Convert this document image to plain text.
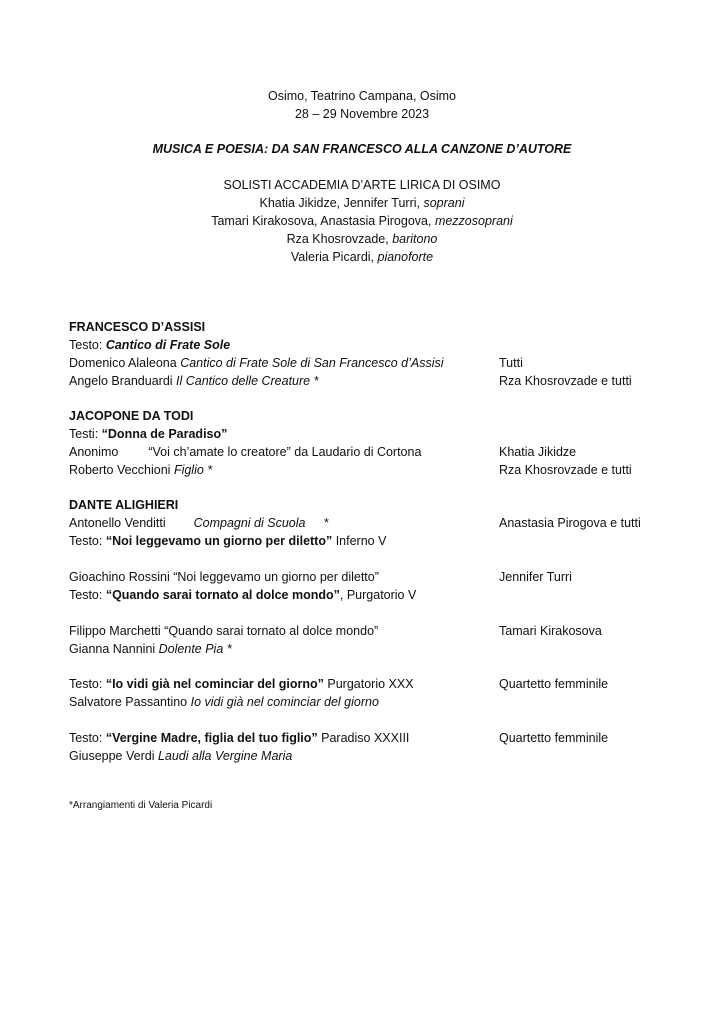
Osimo, Teatrino Campana, Osimo
28 – 29 Novembre 2023
MUSICA E POESIA: DA SAN FRANCESCO ALLA CANZONE D’AUTORE
SOLISTI ACCADEMIA D’ARTE LIRICA DI OSIMO
Khatia Jikidze, Jennifer Turri, soprani
Tamari Kirakosova, Anastasia Pirogova, mezzosoprani
Rza Khosrovzade, baritono
Valeria Picardi, pianoforte
FRANCESCO D’ASSISI
Testo: Cantico di Frate Sole
Domenico Alaleona Cantico di Frate Sole di San Francesco d’Assisi	Tutti
Angelo Branduardi Il Cantico delle Creature *	Rza Khosrovzade e tutti
JACOPONE DA TODI
Testi: “Donna de Paradiso”
Anonimo “Voi ch’amate lo creatore” da Laudario di Cortona	Khatia Jikidze
Roberto Vecchioni Figlio *	Rza Khosrovzade e tutti
DANTE ALIGHIERI
Antonello Venditti Compagni di Scuola *	Anastasia Pirogova e tutti
Testo: “Noi leggevamo un giorno per diletto” Inferno V
Gioachino Rossini “Noi leggevamo un giorno per diletto”	Jennifer Turri
Testo: “Quando sarai tornato al dolce mondo”, Purgatorio V
Filippo Marchetti “Quando sarai tornato al dolce mondo”	Tamari Kirakosova
Gianna Nannini Dolente Pia *
Testo: “Io vidi già nel cominciar del giorno” Purgatorio XXX	Quartetto femminile
Salvatore Passantino Io vidi già nel cominciar del giorno
Testo: “Vergine Madre, figlia del tuo figlio” Paradiso XXXIII	Quartetto femminile
Giuseppe Verdi Laudi alla Vergine Maria
*Arrangiamenti di Valeria Picardi
